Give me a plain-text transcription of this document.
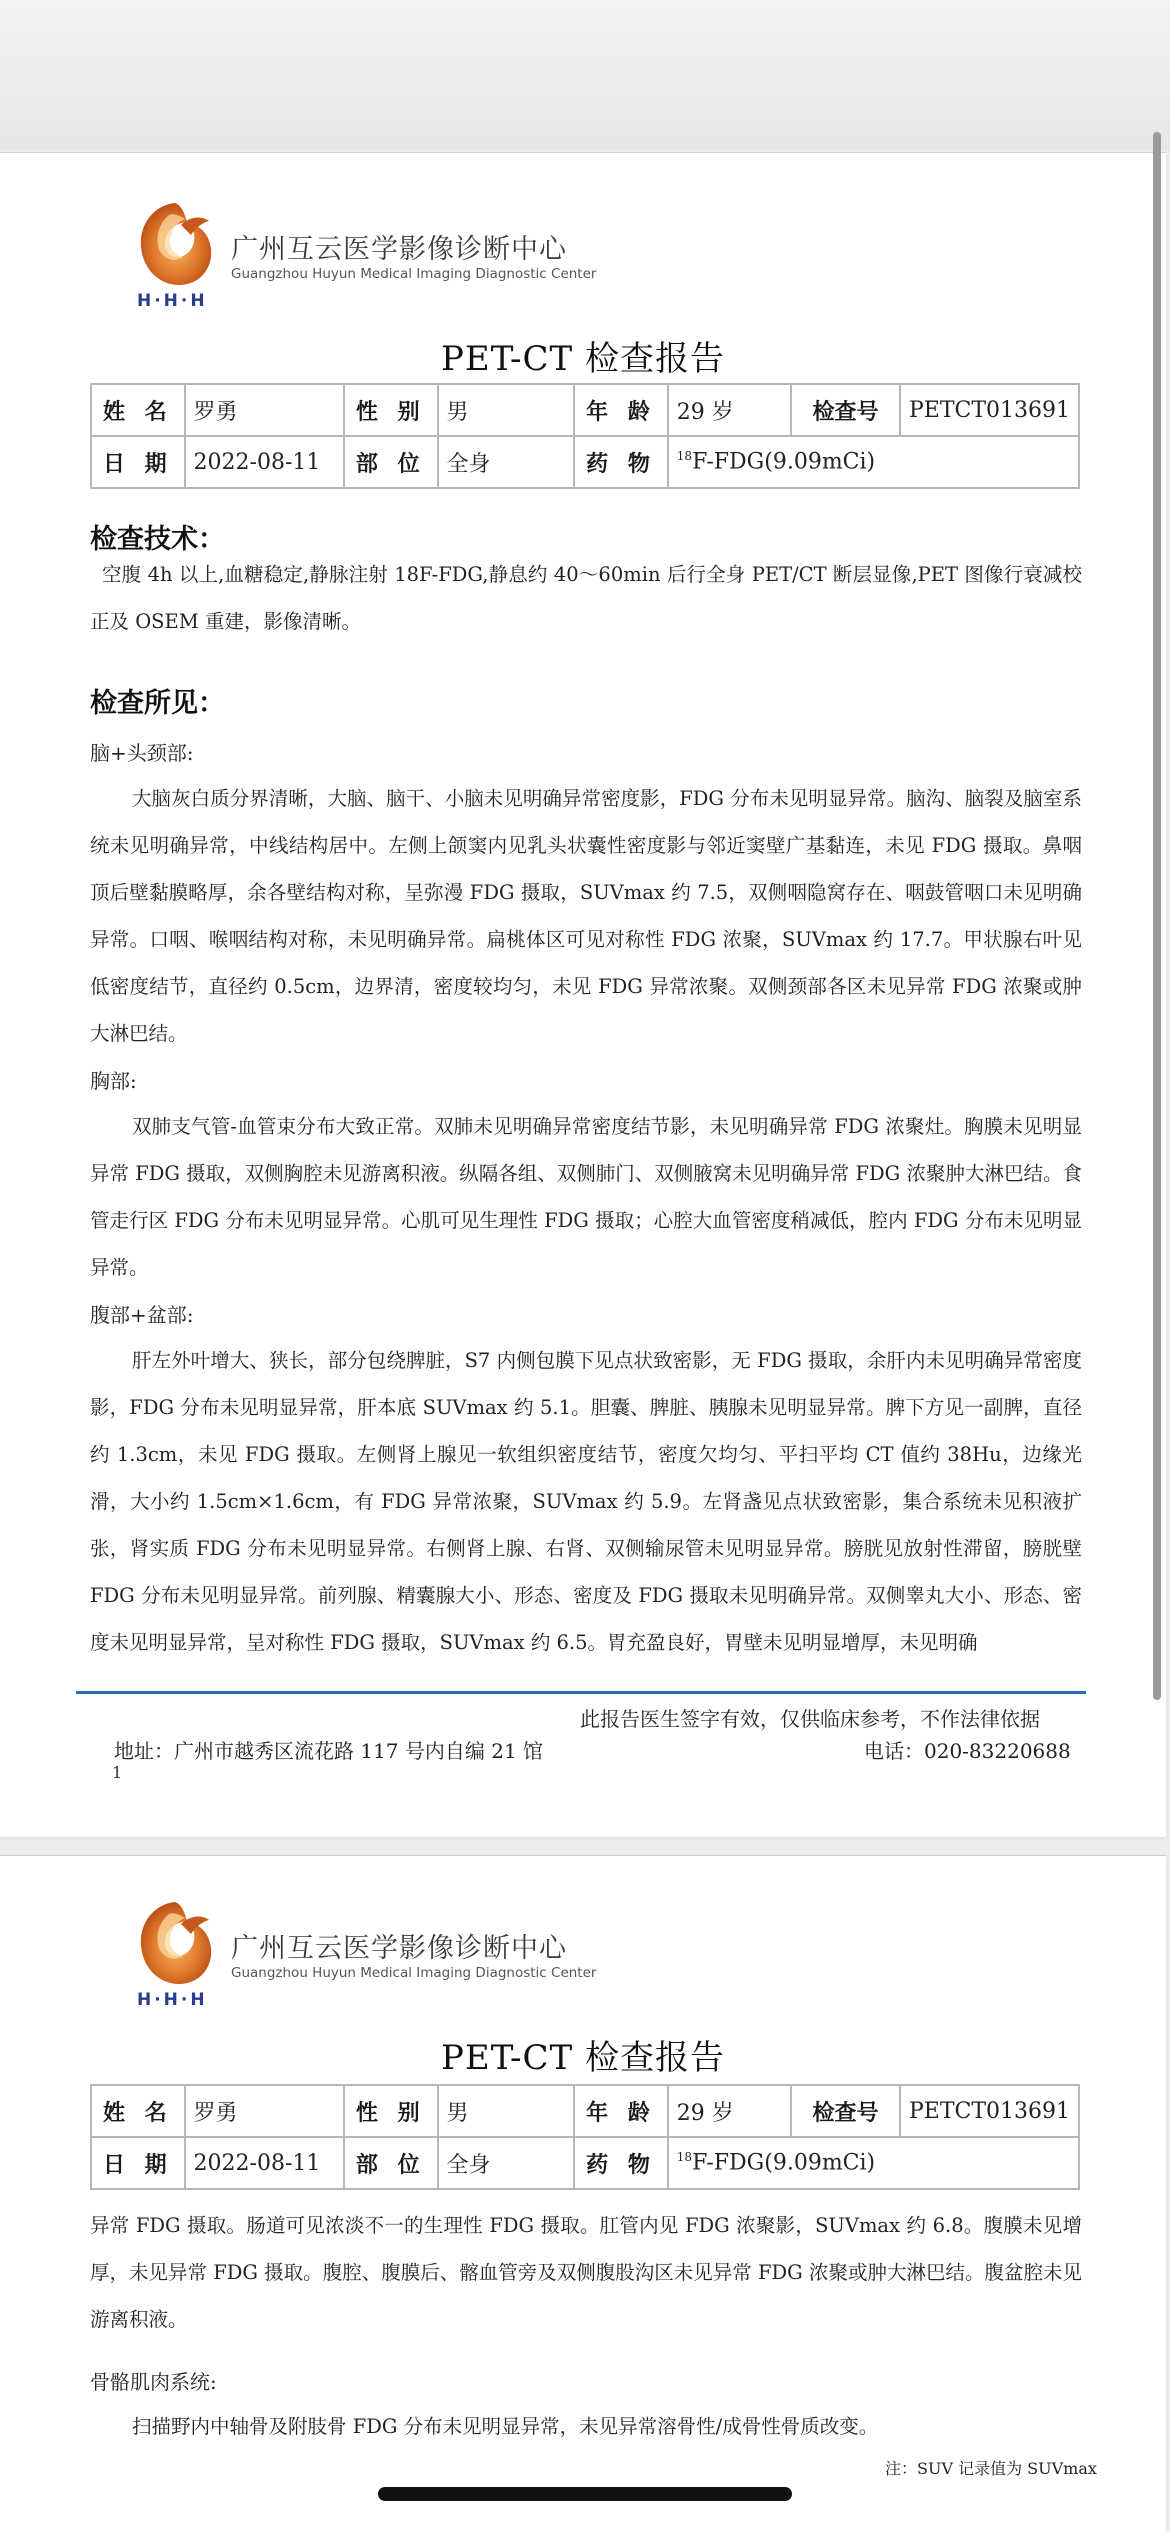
H·H·H
广州互云医学影像诊断中心
Guangzhou Huyun Medical Imaging Diagnostic Center
PET-CT 检查报告
姓 名	罗勇	性 别	男	年 龄	29 岁	检查号	PETCT013691
日 期	2022-08-11	部 位	全身	药 物	$^{18}$F-FDG(9.09mCi)		
检查技术：
空腹 4h 以上,血糖稳定,静脉注射 18F-FDG,静息约 40～60min 后行全身 PET/CT 断层显像,PET 图像行衰减校正及 OSEM 重建，影像清晰。
检查所见：
脑+头颈部:
大脑灰白质分界清晰，大脑、脑干、小脑未见明确异常密度影，FDG 分布未见明显异常。脑沟、脑裂及脑室系统未见明确异常，中线结构居中。左侧上颌窦内见乳头状囊性密度影与邻近窦壁广基黏连，未见 FDG 摄取。鼻咽顶后壁黏膜略厚，余各壁结构对称，呈弥漫 FDG 摄取，SUVmax 约 7.5，双侧咽隐窝存在、咽鼓管咽口未见明确异常。口咽、喉咽结构对称，未见明确异常。扁桃体区可见对称性 FDG 浓聚，SUVmax 约 17.7。甲状腺右叶见低密度结节，直径约 0.5cm，边界清，密度较均匀，未见 FDG 异常浓聚。双侧颈部各区未见异常 FDG 浓聚或肿大淋巴结。
胸部:
双肺支气管-血管束分布大致正常。双肺未见明确异常密度结节影，未见明确异常 FDG 浓聚灶。胸膜未见明显异常 FDG 摄取，双侧胸腔未见游离积液。纵隔各组、双侧肺门、双侧腋窝未见明确异常 FDG 浓聚肿大淋巴结。食管走行区 FDG 分布未见明显异常。心肌可见生理性 FDG 摄取；心腔大血管密度稍减低，腔内 FDG 分布未见明显异常。
腹部+盆部:
肝左外叶增大、狭长，部分包绕脾脏，S7 内侧包膜下见点状致密影，无 FDG 摄取，余肝内未见明确异常密度影，FDG 分布未见明显异常，肝本底 SUVmax 约 5.1。胆囊、脾脏、胰腺未见明显异常。脾下方见一副脾，直径约 1.3cm，未见 FDG 摄取。左侧肾上腺见一软组织密度结节，密度欠均匀、平扫平均 CT 值约 38Hu，边缘光滑，大小约 1.5cm×1.6cm，有 FDG 异常浓聚，SUVmax 约 5.9。左肾盏见点状致密影，集合系统未见积液扩张，肾实质 FDG 分布未见明显异常。右侧肾上腺、右肾、双侧输尿管未见明显异常。膀胱见放射性滞留，膀胱壁 FDG 分布未见明显异常。前列腺、精囊腺大小、形态、密度及 FDG 摄取未见明确异常。双侧睾丸大小、形态、密度未见明显异常，呈对称性 FDG 摄取，SUVmax 约 6.5。胃充盈良好，胃壁未见明显增厚，未见明确
此报告医生签字有效，仅供临床参考，不作法律依据
地址：广州市越秀区流花路 117 号内自编 21 馆	电话：020-83220688
1
H·H·H
广州互云医学影像诊断中心
Guangzhou Huyun Medical Imaging Diagnostic Center
PET-CT 检查报告
姓 名	罗勇	性 别	男	年 龄	29 岁	检查号	PETCT013691
日 期	2022-08-11	部 位	全身	药 物	$^{18}$F-FDG(9.09mCi)		
异常 FDG 摄取。肠道可见浓淡不一的生理性 FDG 摄取。肛管内见 FDG 浓聚影，SUVmax 约 6.8。腹膜未见增厚，未见异常 FDG 摄取。腹腔、腹膜后、髂血管旁及双侧腹股沟区未见异常 FDG 浓聚或肿大淋巴结。腹盆腔未见游离积液。
骨骼肌肉系统:
扫描野内中轴骨及附肢骨 FDG 分布未见明显异常，未见异常溶骨性/成骨性骨质改变。
注：SUV 记录值为 SUVmax
